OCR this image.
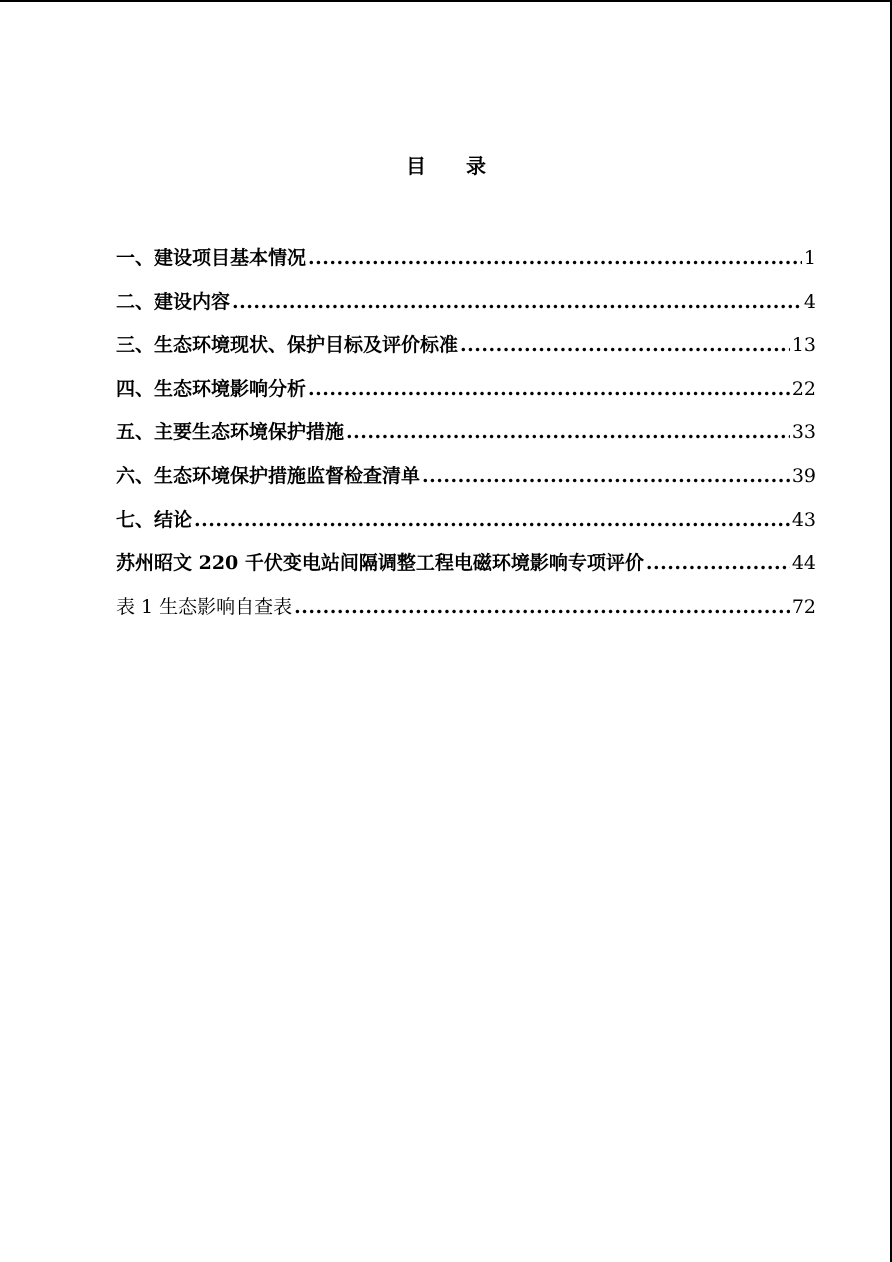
目录
一、建设项目基本情况 .....	1
二、建设内容 .....	4
三、生态环境现状、保护目标及评价标准 .....	13
四、生态环境影响分析 .....	22
五、主要生态环境保护措施 .....	33
六、生态环境保护措施监督检查清单 .....	39
七、结论 .....	43
苏州昭文 220 千伏变电站间隔调整工程电磁环境影响专项评价 .....	44
表 1 生态影响自查表 .....	72
